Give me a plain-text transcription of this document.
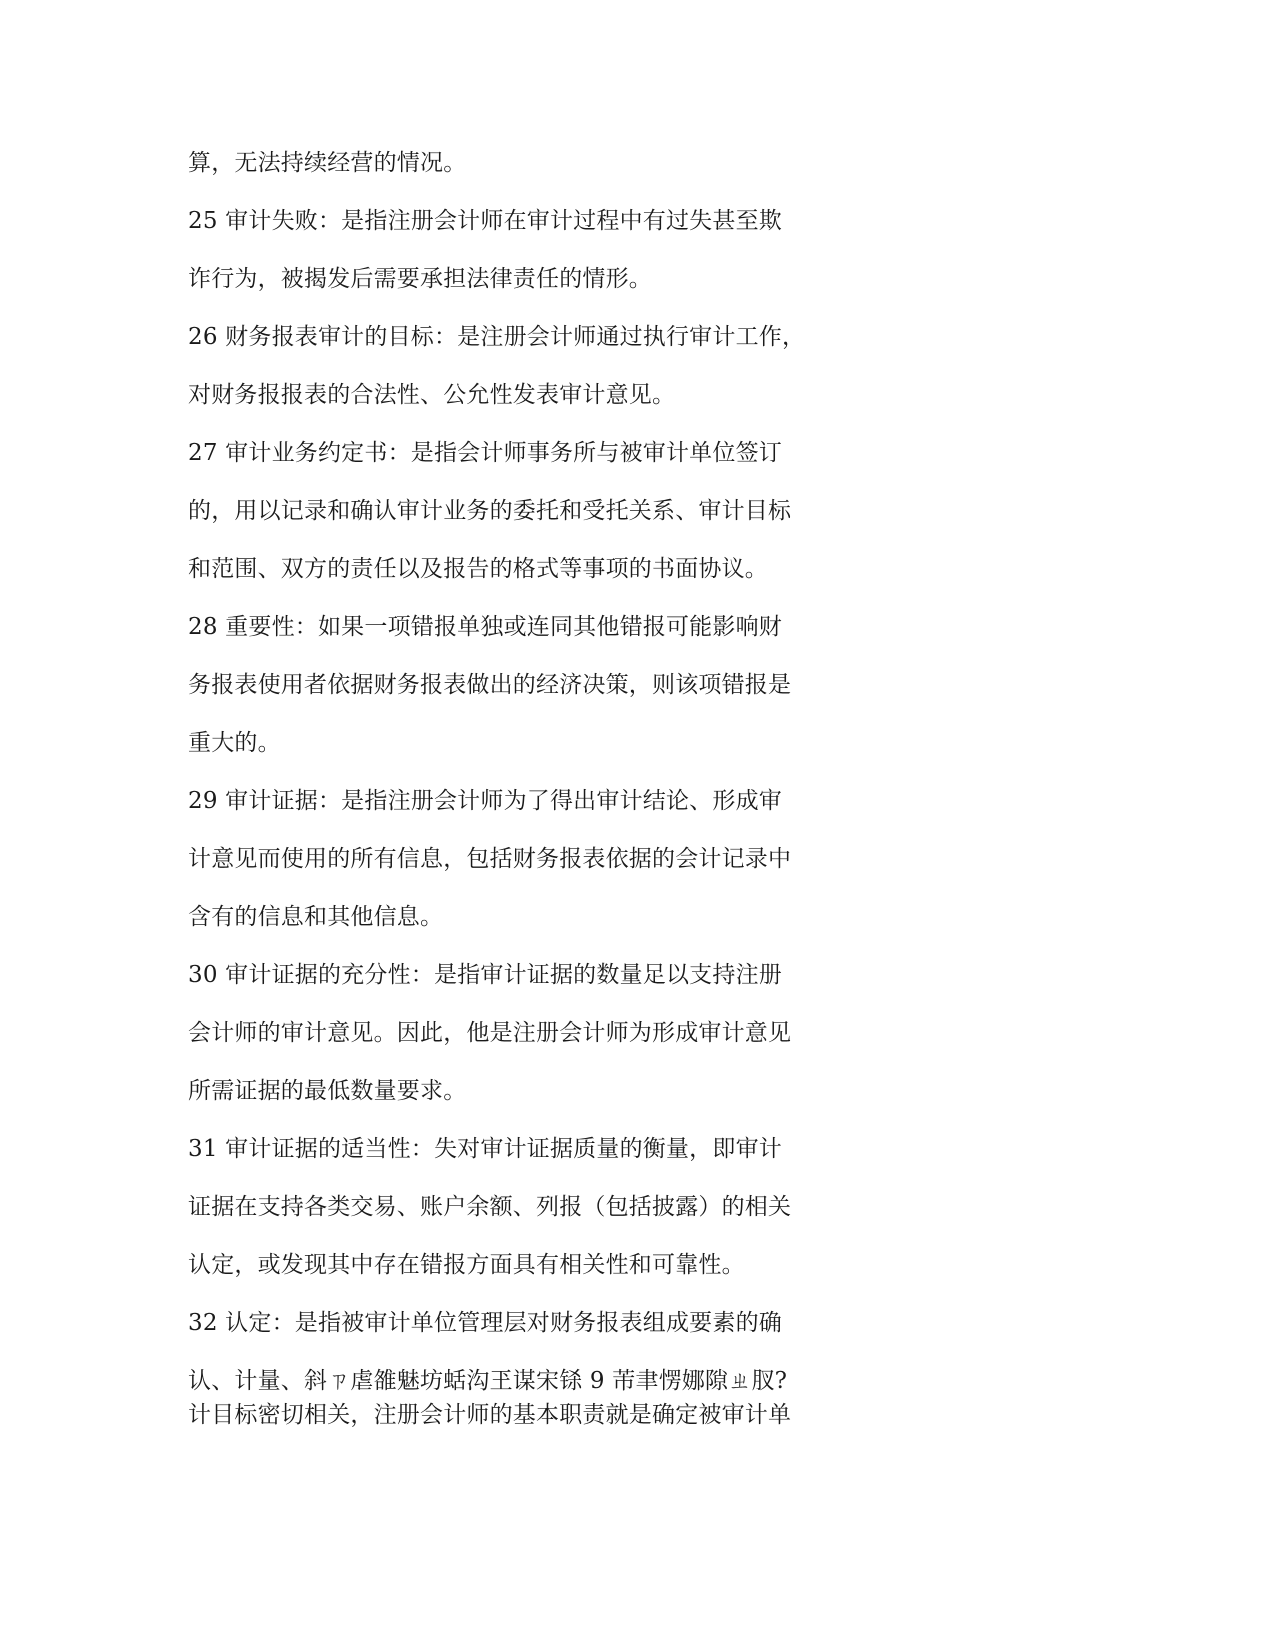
算，无法持续经营的情况。
25 审计失败：是指注册会计师在审计过程中有过失甚至欺
诈行为，被揭发后需要承担法律责任的情形。
26 财务报表审计的目标：是注册会计师通过执行审计工作，
对财务报报表的合法性、公允性发表审计意见。
27 审计业务约定书：是指会计师事务所与被审计单位签订
的，用以记录和确认审计业务的委托和受托关系、审计目标
和范围、双方的责任以及报告的格式等事项的书面协议。
28 重要性：如果一项错报单独或连同其他错报可能影响财
务报表使用者依据财务报表做出的经济决策，则该项错报是
重大的。
29 审计证据：是指注册会计师为了得出审计结论、形成审
计意见而使用的所有信息，包括财务报表依据的会计记录中
含有的信息和其他信息。
30 审计证据的充分性：是指审计证据的数量足以支持注册
会计师的审计意见。因此，他是注册会计师为形成审计意见
所需证据的最低数量要求。
31 审计证据的适当性：失对审计证据质量的衡量，即审计
证据在支持各类交易、账户余额、列报（包括披露）的相关
认定，或发现其中存在错报方面具有相关性和可靠性。
32 认定：是指被审计单位管理层对财务报表组成要素的确
认、计量、斜ㄗ虐雒魅坊蛞沟玊谋宋铩 9 芾聿愣娜隙ㄓ肞?
计目标密切相关，注册会计师的基本职责就是确定被审计单
